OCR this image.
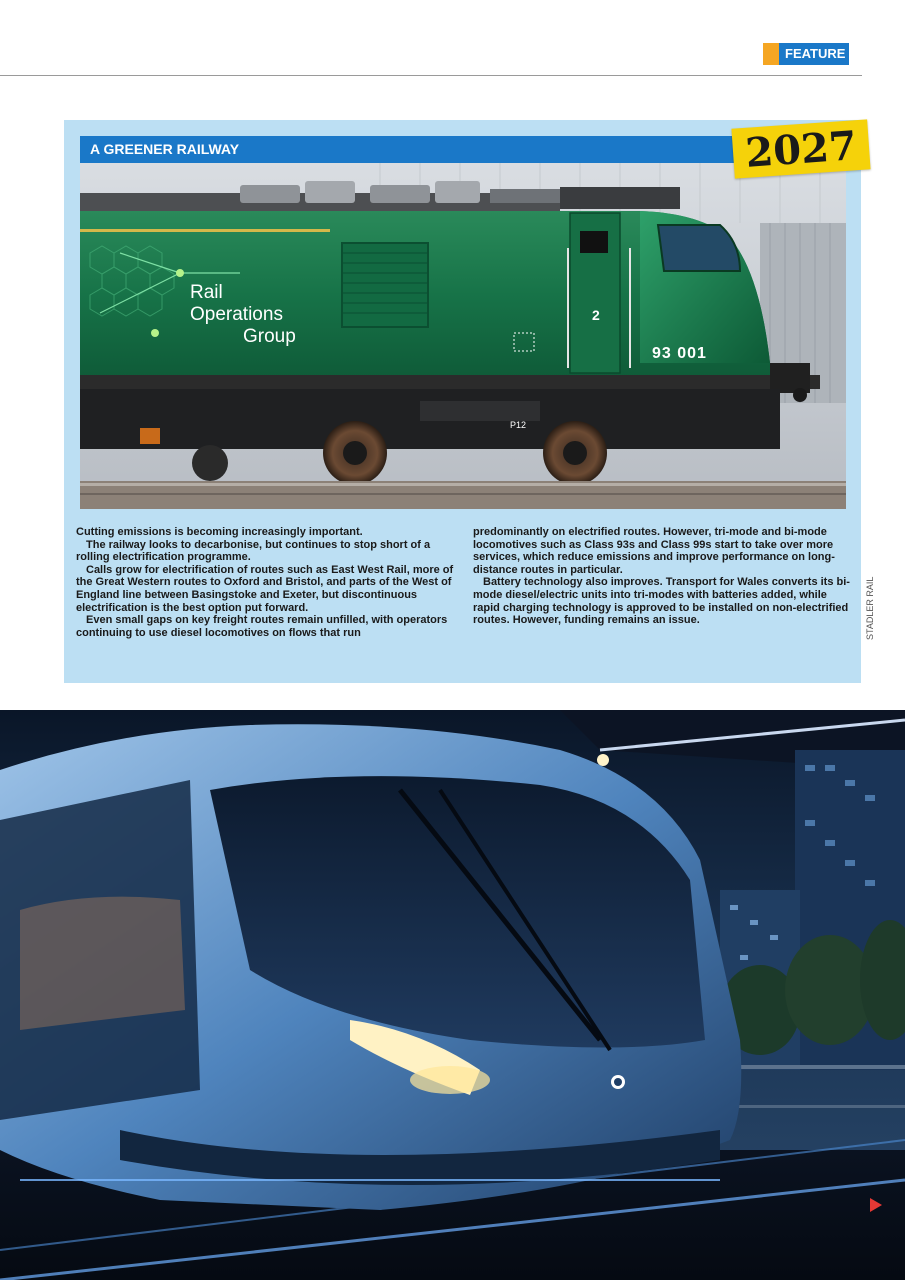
FEATURE
A GREENER RAILWAY
Rail
Operations
Group
2
93 001
P12
2027

Cutting emissions is becoming increasingly important.

The railway looks to decarbonise, but continues to stop short of a rolling electrification programme.

Calls grow for electrification of routes such as East West Rail, more of the Great Western routes to Oxford and Bristol, and parts of the West of England line between Basingstoke and Exeter, but discontinuous electrification is the best option put forward.

Even small gaps on key freight routes remain unfilled, with operators continuing to use diesel locomotives on flows that run

predominantly on electrified routes. However, tri-mode and bi-mode locomotives such as Class 93s and Class 99s start to take over more services, which reduce emissions and improve performance on long-distance routes in particular.

Battery technology also improves. Transport for Wales converts its bi-mode diesel/electric units into tri-modes with batteries added, while rapid charging technology is approved to be installed on non-electrified routes. However, funding remains an issue.	STADLER RAIL
